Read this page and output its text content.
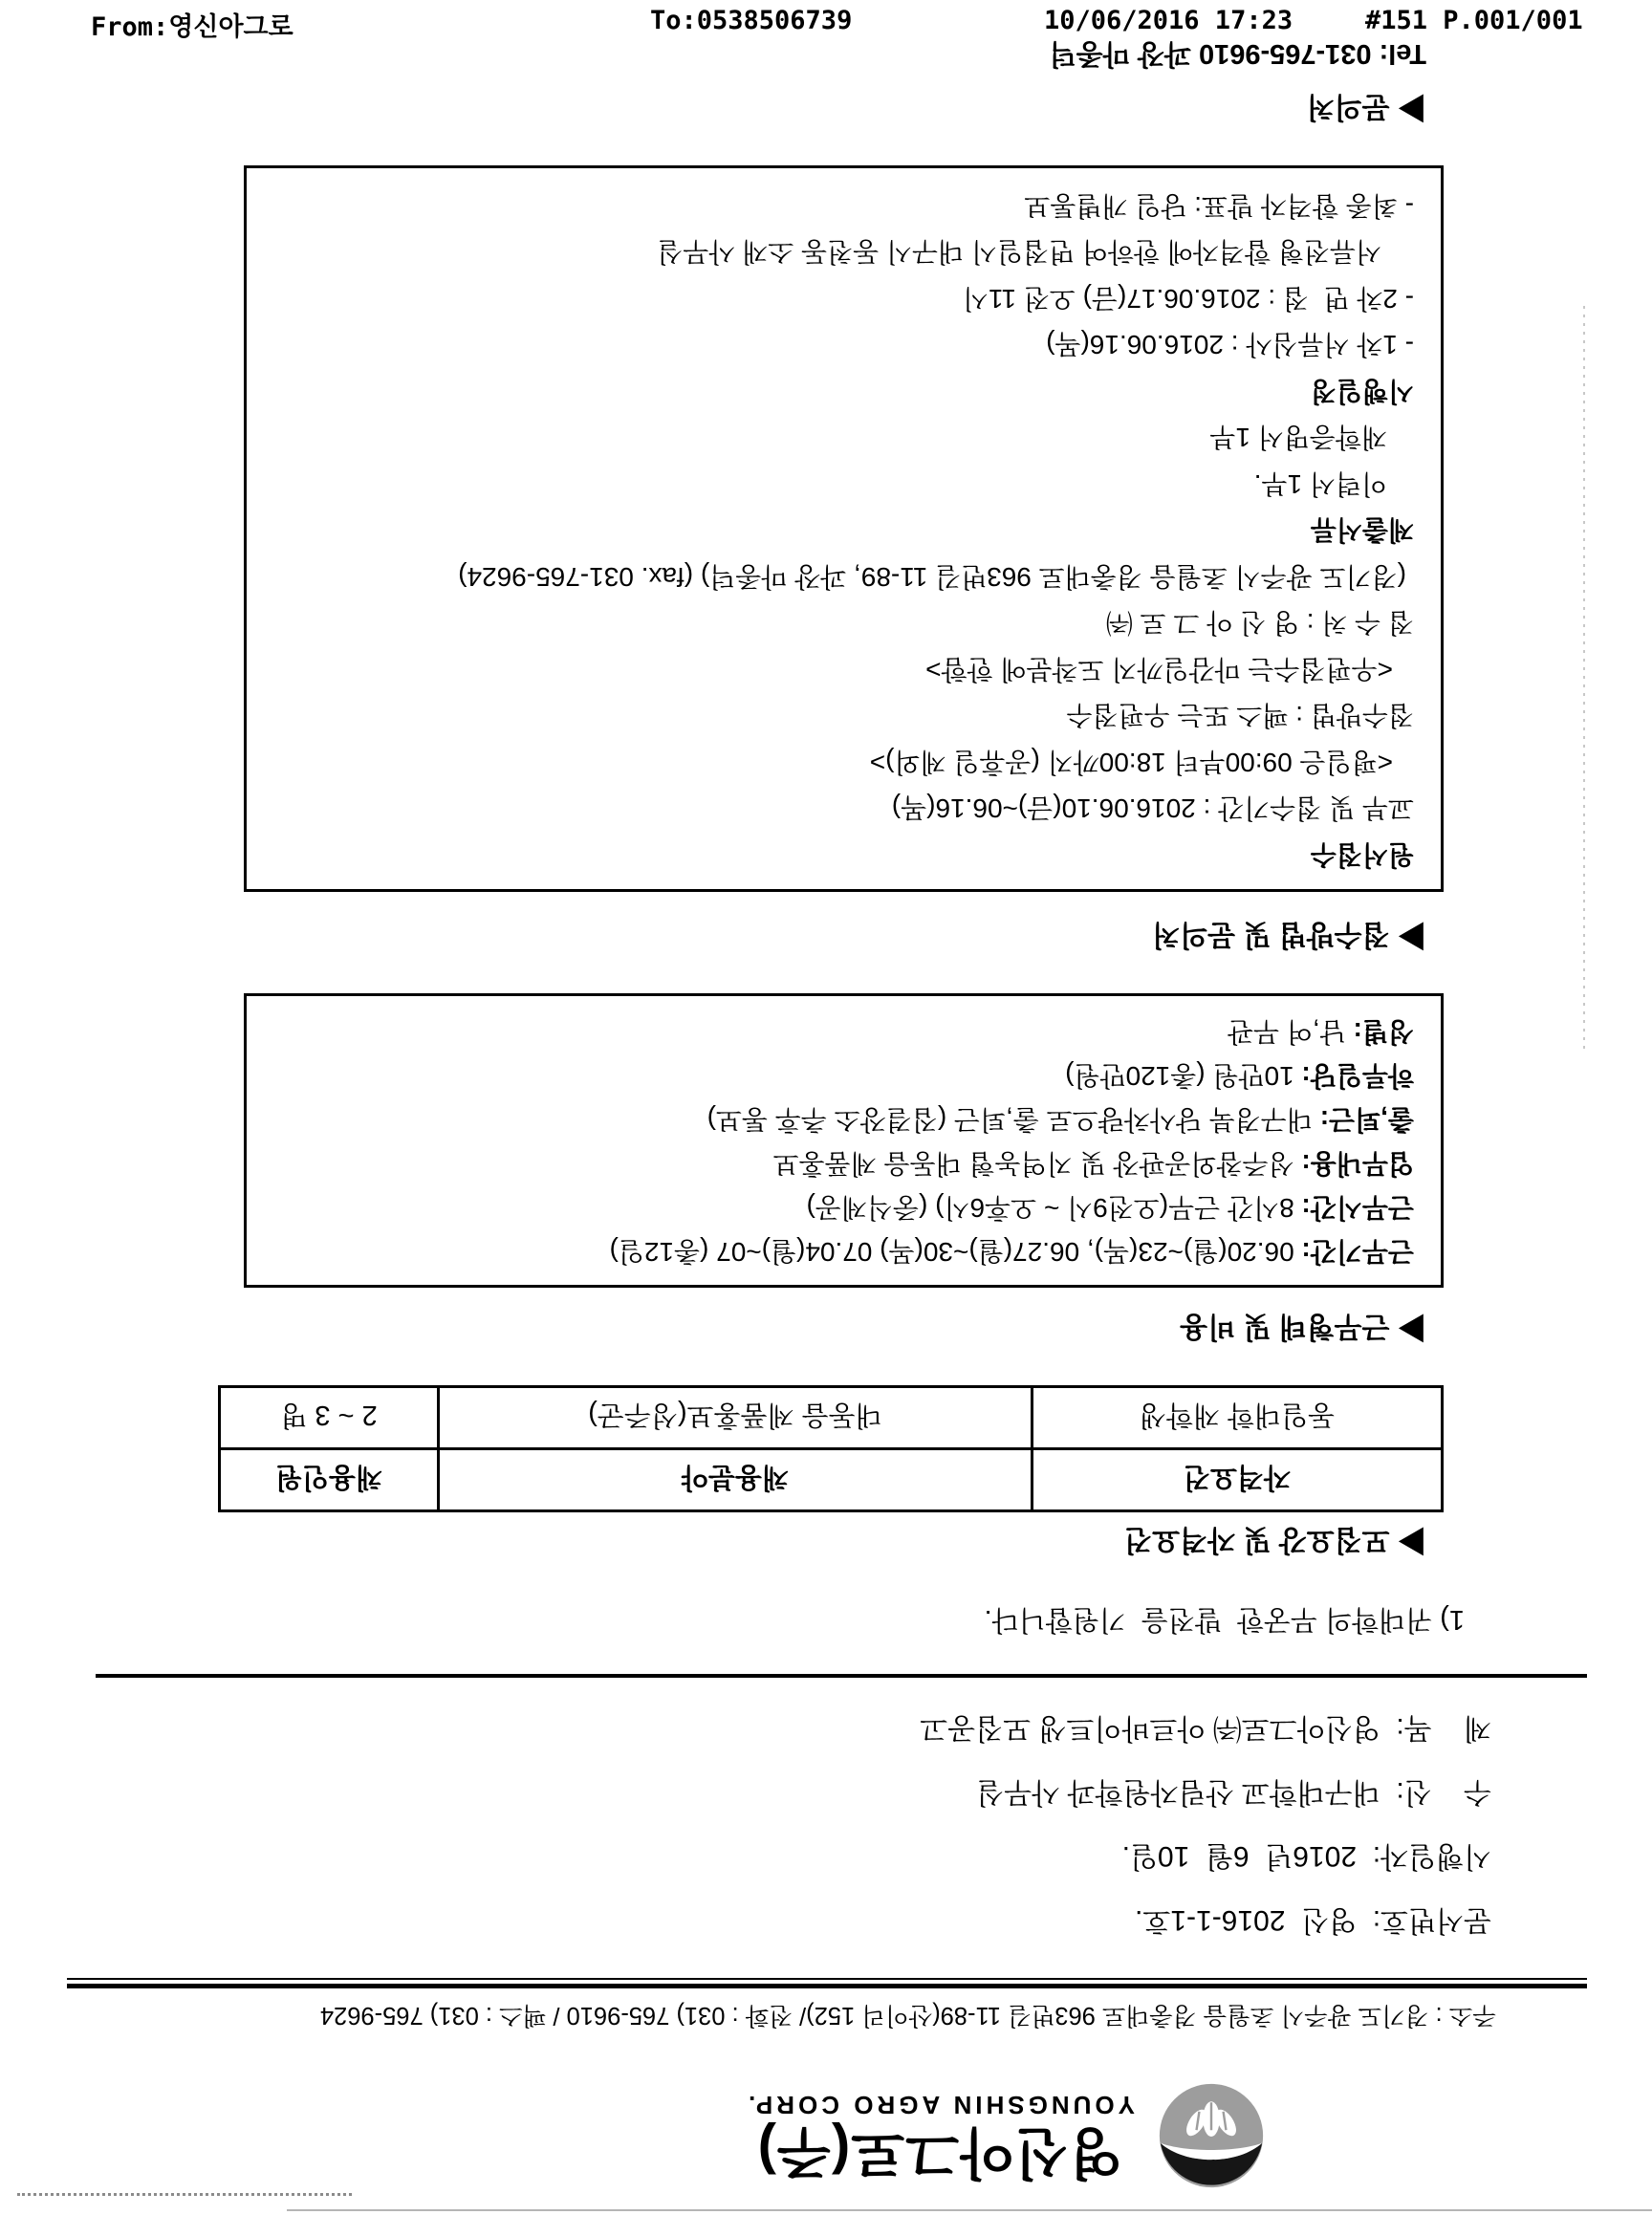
From:영신아그로

	To:0538506739

	10/06/2016 17:23

	#151 P.001/001

영신아그로(주)
YOUNGSHIN AGRO CORP.
주소 : 경기도 광주시 초월읍 경충대로 963번길 11-89(산이리 152)/ 전화 : 031) 765-9610 / 팩스 : 031) 765-9624
문서번호:  영신  2016-1-1호.
시행일자:  2016년  6월  10일.
수    신:  대구대학교 산림자원학과 사무실
제    목:  영신아그로㈜ 아르바이트생 모집공고
1) 귀대학의 무궁한  발전을  기원합니다.
▶ 모집요강 및 자격요건
자격요건	채용분야	채용인원
동일대학 재학생	대동읍 제품홍보(성주군)	2 ~ 3 명
▶ 근무형태 및 비용
근무기간: 06.20(월)~23(목), 06.27(월)~30(목) 07.04(월)~07 (총12일)
근무시간: 8시간 근무(오전9시 ~ 오후6시) (중식제공)
업무내용: 성주참외공판장 및 지역농협 대동읍 제품홍보
출,퇴근: 대구경북 당사차량으로 출,퇴근 (집결장소 추후 통보)
하루일당: 10만원 (총120만원)
성별: 남,여 무관
▶ 접수방법 및 문의처
원서접수
교부 및 접수기간 : 2016.06.10(금)~06.16(목)
<평일은 09:00부터 18:00까지 (공휴일 제외)>
접수방법 : 팩스 또는 우편접수
<우편접수는 마감일까지 도착분에 한함>
접 수 처 : 영 신 아 그 로 ㈜
(경기도 광주시 초월읍 경충대로 963번길 11-89, 과장 마종덕) (fax. 031-765-9624)
제출서류
이력서 1부.
재학증명서 1부
시행일정
- 1차 서류심사 : 2016.06.16(목)
- 2차 면  접 : 2016.06.17(금) 오전 11시
서류전형 합격자에 한하여 면접일시 대구시 동천동 소재 사무실
- 최종 합격자 발표: 당일 개별통보
▶ 문의처
Tel: 031-765-9610 과장 마종덕
